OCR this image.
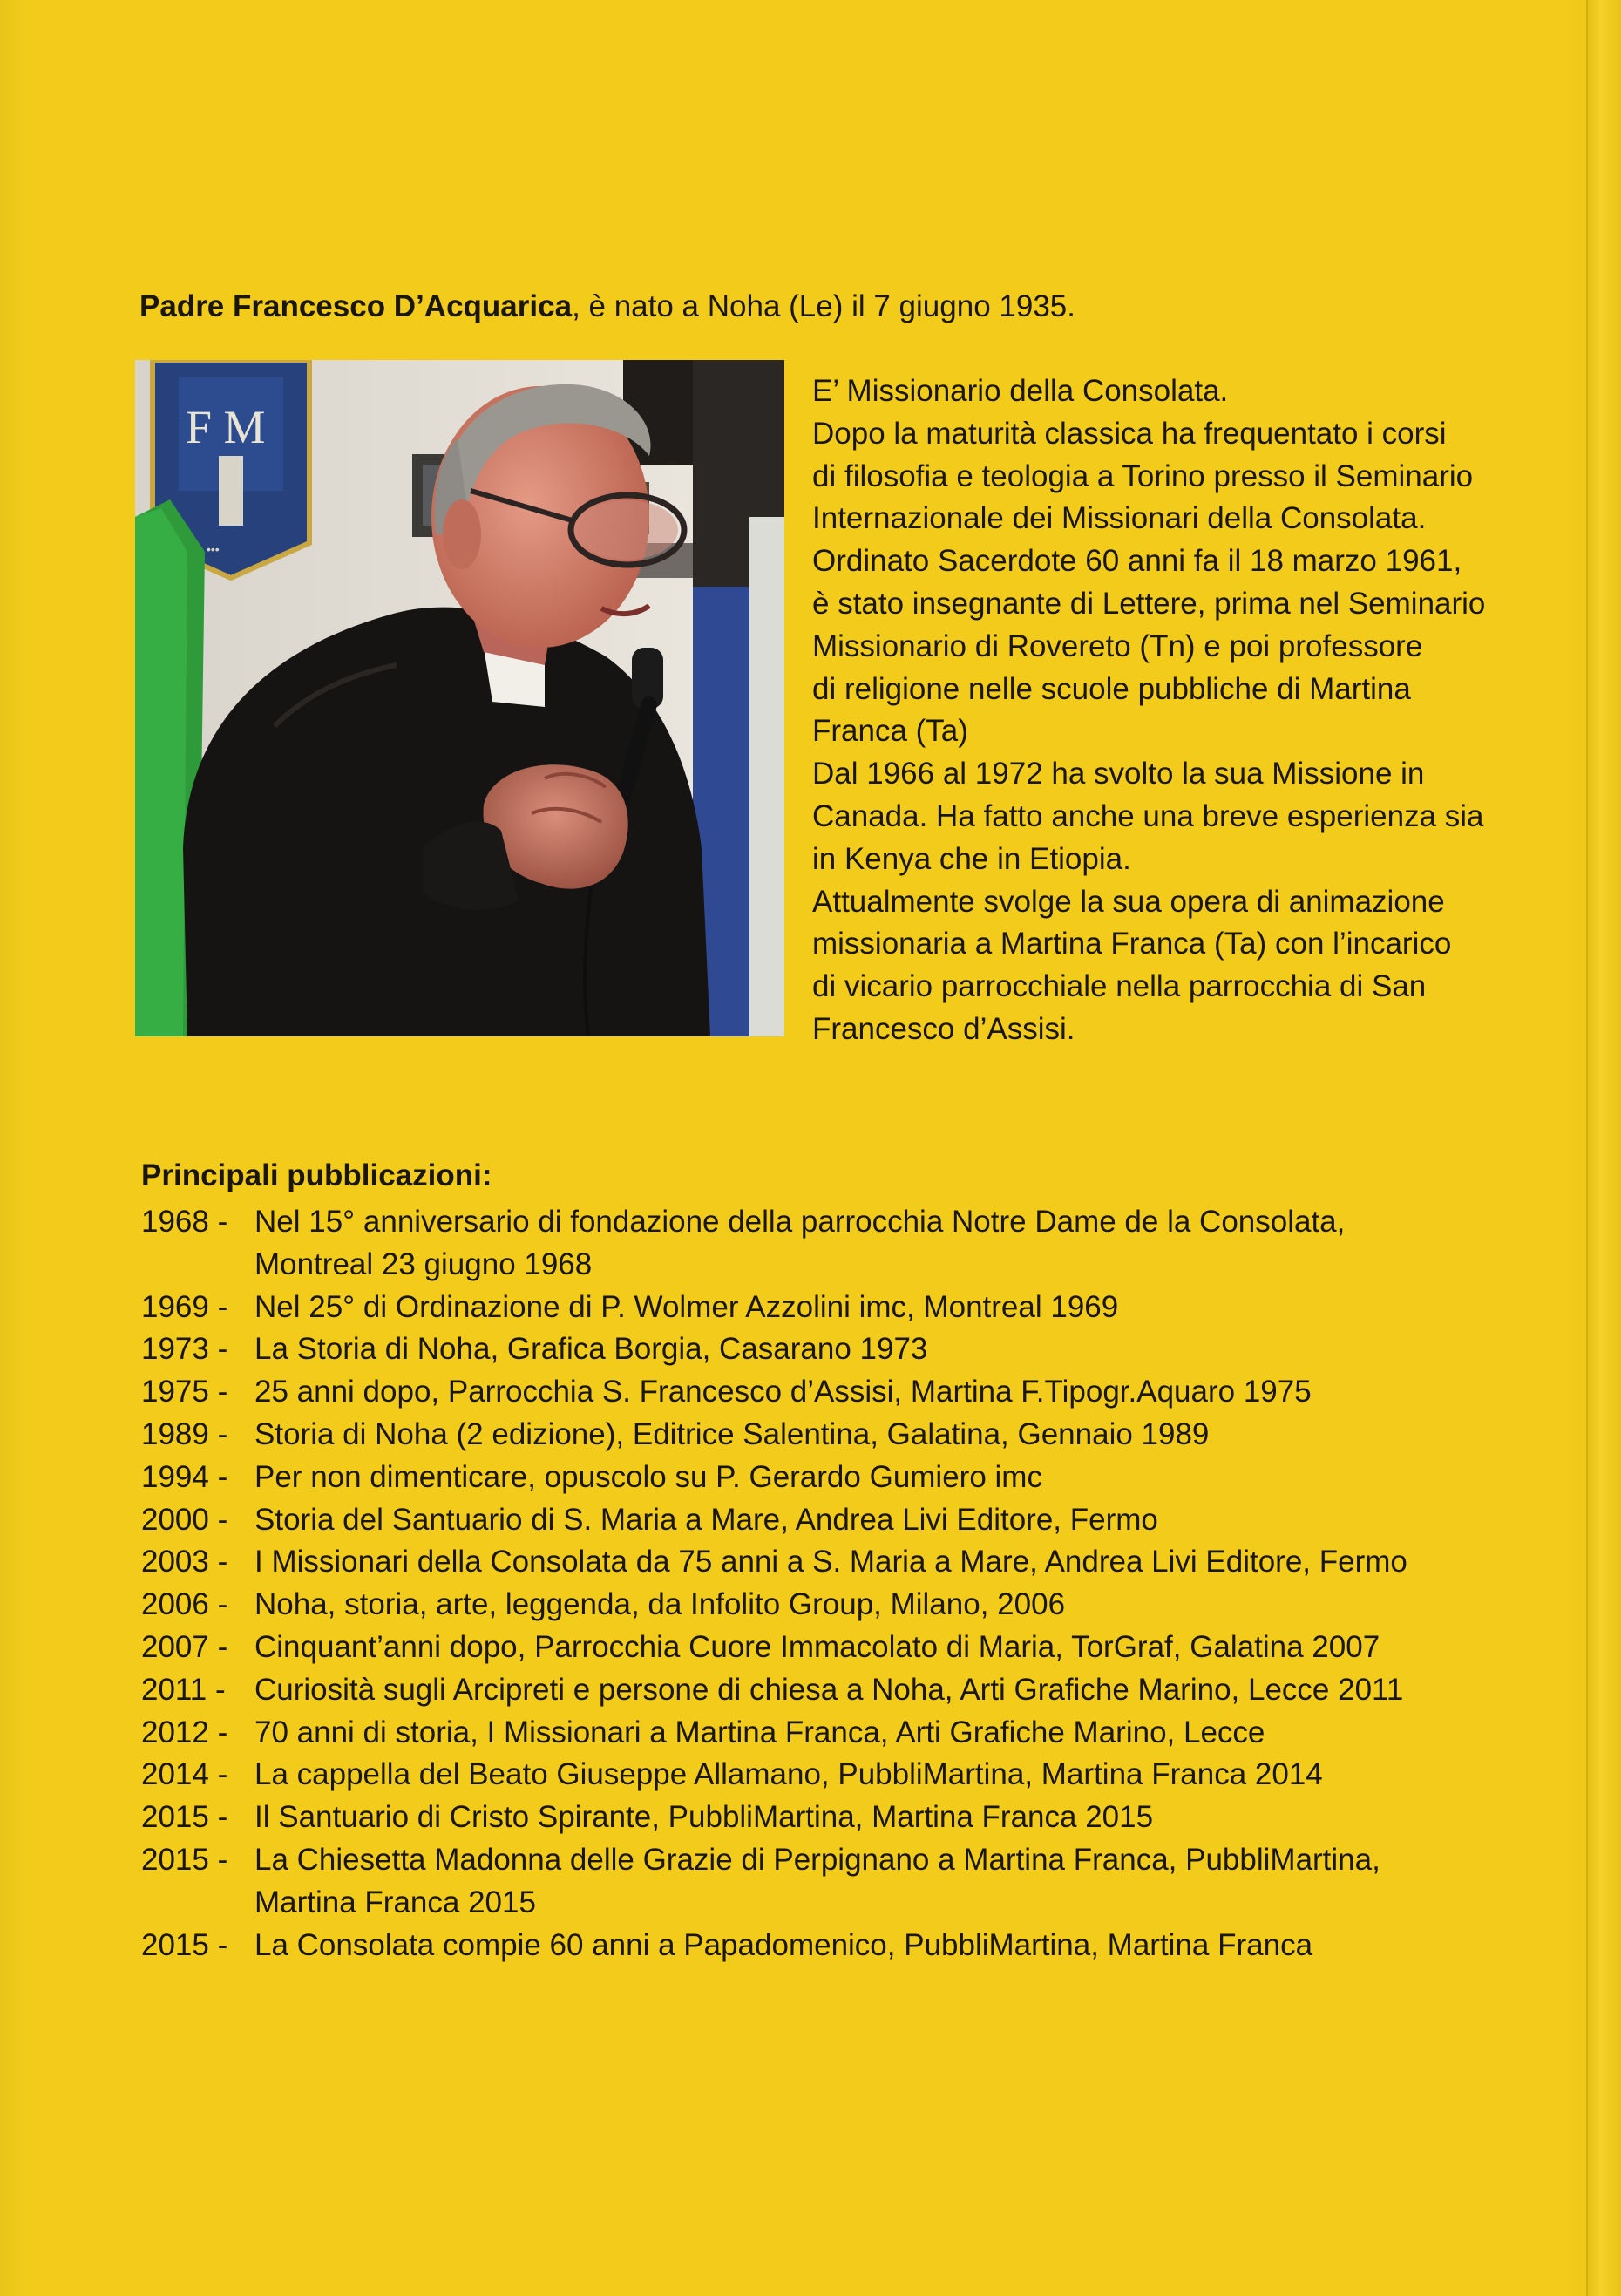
Padre Francesco D’Acquarica, è nato a Noha (Le) il 7 giugno 1935.
F M
•••
E’ Missionario della Consolata.
Dopo la maturità classica ha frequentato i corsi
di filosofia e teologia a Torino presso il Seminario
Internazionale dei Missionari della Consolata.
Ordinato Sacerdote 60 anni fa il 18 marzo 1961,
è stato insegnante di Lettere, prima nel Seminario
Missionario di Rovereto (Tn) e poi professore
di religione nelle scuole pubbliche di Martina
Franca (Ta)
Dal 1966 al 1972 ha svolto la sua Missione in
Canada. Ha fatto anche una breve esperienza sia
in Kenya che in Etiopia.
Attualmente svolge la sua opera di animazione
missionaria a Martina Franca (Ta) con l’incarico
di vicario parrocchiale nella parrocchia di San
Francesco d’Assisi.
Principali pubblicazioni:
1968 - Nel 15° anniversario di fondazione della parrocchia Notre Dame de la Consolata,
Montreal 23 giugno 1968
1969 - Nel 25° di Ordinazione di P. Wolmer Azzolini imc, Montreal 1969
1973 - La Storia di Noha, Grafica Borgia, Casarano 1973
1975 - 25 anni dopo, Parrocchia S. Francesco d’Assisi, Martina F.Tipogr.Aquaro 1975
1989 - Storia di Noha (2 edizione), Editrice Salentina, Galatina, Gennaio 1989
1994 - Per non dimenticare, opuscolo su P. Gerardo Gumiero imc
2000 - Storia del Santuario di S. Maria a Mare, Andrea Livi Editore, Fermo
2003 - I Missionari della Consolata da 75 anni a S. Maria a Mare, Andrea Livi Editore, Fermo
2006 - Noha, storia, arte, leggenda, da Infolito Group, Milano, 2006
2007 - Cinquant’anni dopo, Parrocchia Cuore Immacolato di Maria, TorGraf, Galatina 2007
2011 - Curiosità sugli Arcipreti e persone di chiesa a Noha, Arti Grafiche Marino, Lecce 2011
2012 - 70 anni di storia, I Missionari a Martina Franca, Arti Grafiche Marino, Lecce
2014 - La cappella del Beato Giuseppe Allamano, PubbliMartina, Martina Franca 2014
2015 - Il Santuario di Cristo Spirante, PubbliMartina, Martina Franca 2015
2015 - La Chiesetta Madonna delle Grazie di Perpignano a Martina Franca, PubbliMartina,
Martina Franca 2015
2015 - La Consolata compie 60 anni a Papadomenico, PubbliMartina, Martina Franca
